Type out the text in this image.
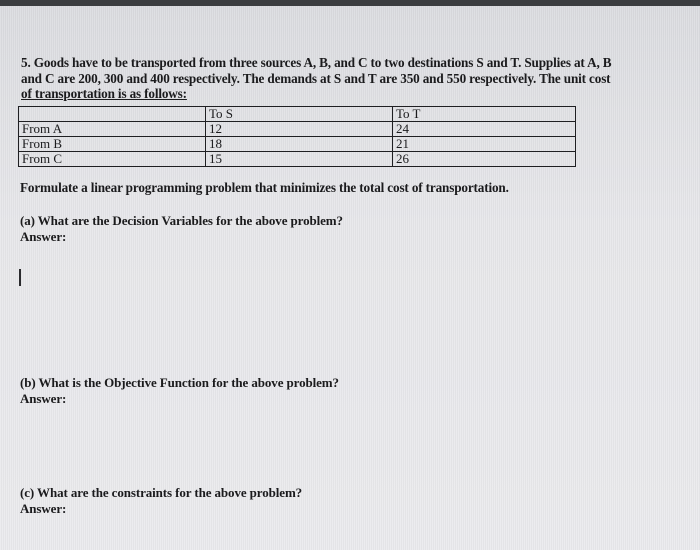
5. Goods have to be transported from three sources A, B, and C to two destinations S and T. Supplies at A, B
and C are 200, 300 and 400 respectively. The demands at S and T are 350 and 550 respectively. The unit cost
of transportation is as follows:
	To S	To T
From A	12	24
From B	18	21
From C	15	26
Formulate a linear programming problem that minimizes the total cost of transportation.
(a) What are the Decision Variables for the above problem?
Answer:
(b) What is the Objective Function for the above problem?
Answer:
(c) What are the constraints for the above problem?
Answer:
